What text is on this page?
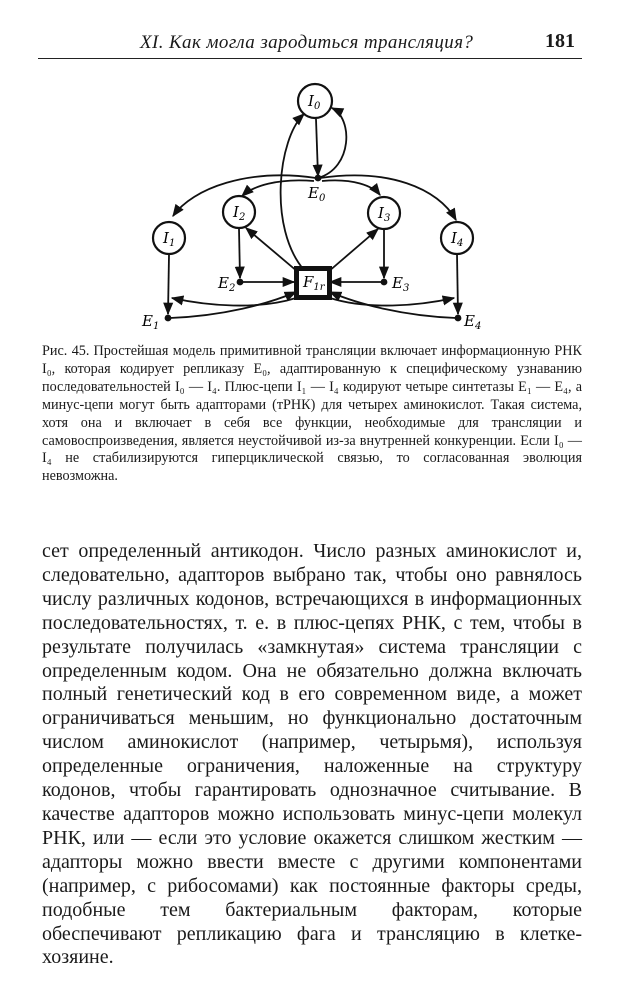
XI. Как могла зародиться трансляция?	181
$I_0$
$I_1$
$I_2$	$I_3$
$I_4$
$E_0$
$E_1$
$E_2$	$E_3$
$E_4$
$F_{1r}$
Рис. 45. Простейшая модель примитивной трансляции включает информационную РНК I₀, которая кодирует репликазу E₀, адаптированную к специфическому узнаванию последовательностей I₀ — I₄. Плюс-цепи I₁ — I₄ кодируют четыре синтетазы E₁ — E₄, а минус-цепи могут быть адапторами (тРНК) для четырех аминокислот. Такая система, хотя она и включает в себя все функции, необходимые для трансляции и самовоспроизведения, является неустойчивой из-за внутренней конкуренции. Если I₀ — I₄ не стабилизируются гиперциклической связью, то согласованная эволюция невозможна.
сет определенный антикодон. Число разных аминокислот и, следовательно, адапторов выбрано так, чтобы оно равнялось числу различных кодонов, встречающихся в информационных последовательностях, т. е. в плюс-цепях РНК, с тем, чтобы в результате получилась «замкнутая» система трансляции с определенным кодом. Она не обязательно должна включать полный генетический код в его современном виде, а может ограничиваться меньшим, но функционально достаточным числом аминокислот (например, четырьмя), используя определенные ограничения, наложенные на структуру кодонов, чтобы гарантировать однозначное считывание. В качестве адапторов можно использовать минус-цепи молекул РНК, или — если это условие окажется слишком жестким — адапторы можно ввести вместе с другими компонентами (например, с рибосомами) как постоянные факторы среды, подобные тем бактериальным факторам, которые обеспечивают репликацию фага и трансляцию в клетке-хозяине.
